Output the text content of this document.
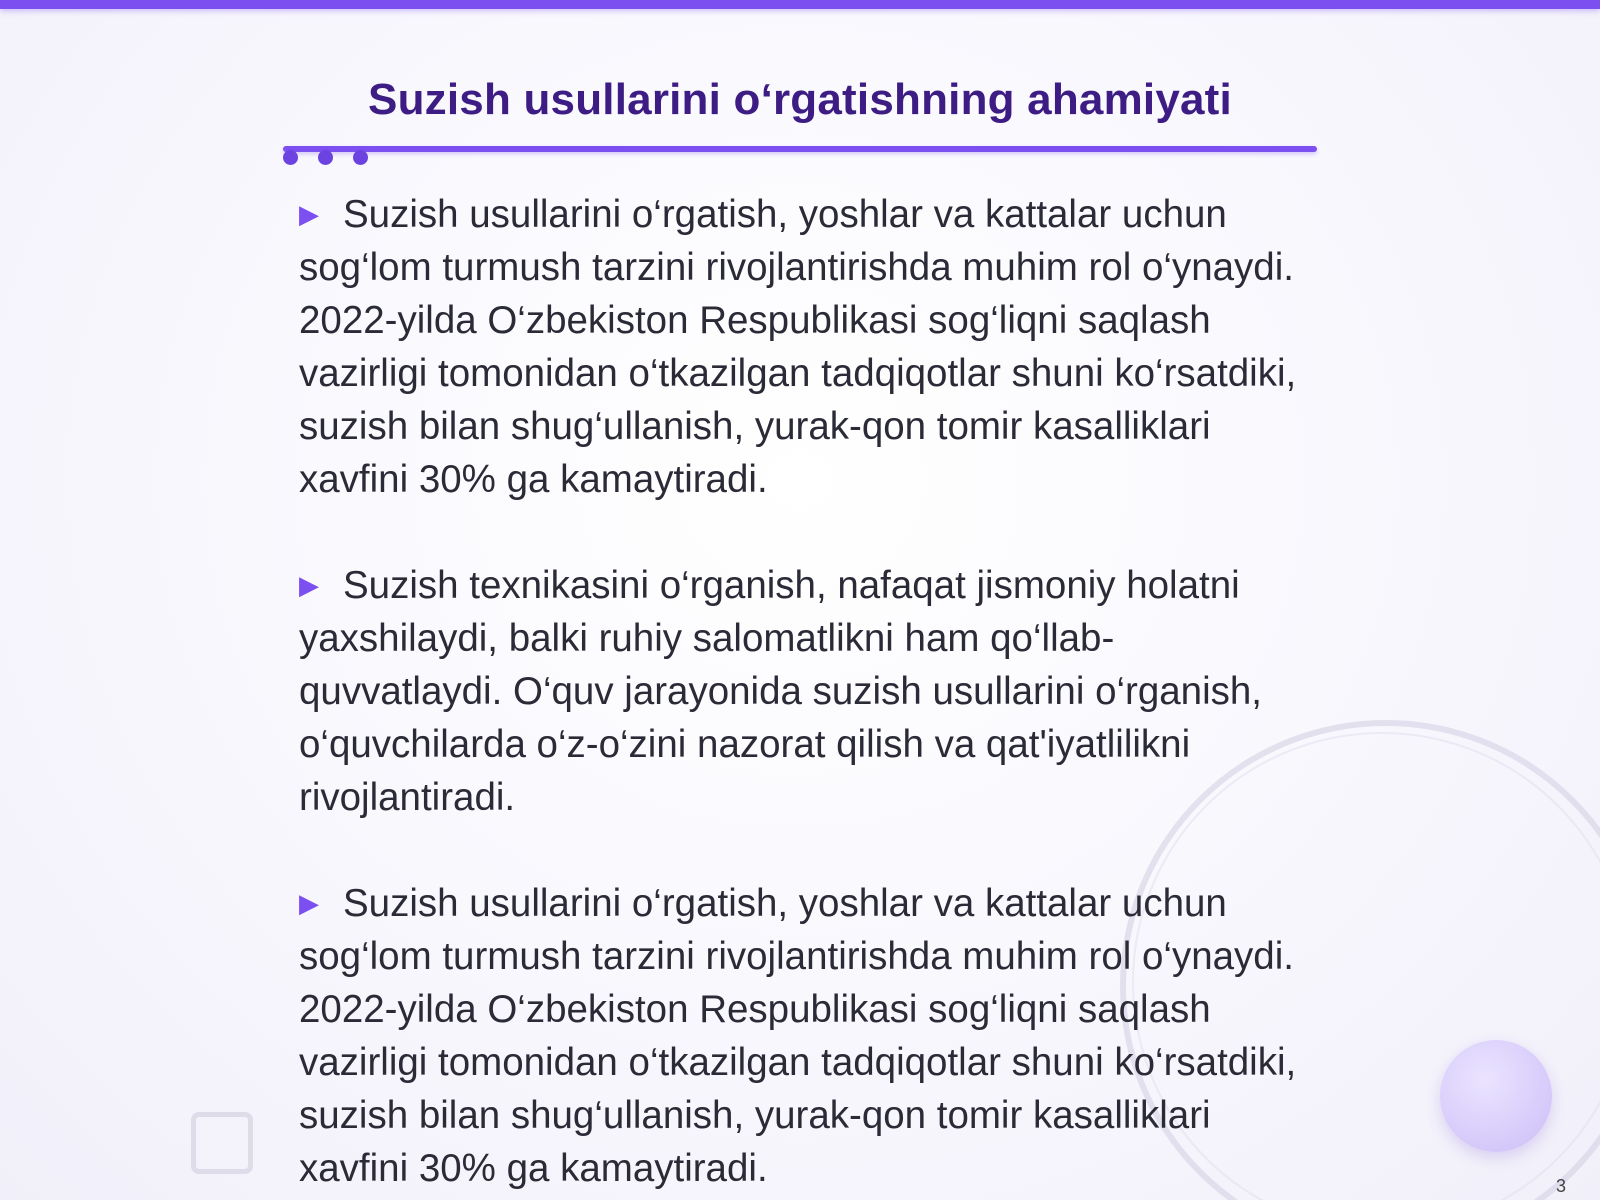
Suzish usullarini o‘rgatishning ahamiyati

▶ Suzish usullarini o‘rgatish, yoshlar va kattalar uchun sog‘lom turmush tarzini rivojlantirishda muhim rol o‘ynaydi. 2022-yilda O‘zbekiston Respublikasi sog‘liqni saqlash vazirligi tomonidan o‘tkazilgan tadqiqotlar shuni ko‘rsatdiki, suzish bilan shug‘ullanish, yurak-qon tomir kasalliklari xavfini 30% ga kamaytiradi.

▶ Suzish texnikasini o‘rganish, nafaqat jismoniy holatni yaxshilaydi, balki ruhiy salomatlikni ham qo‘llab-quvvatlaydi. O‘quv jarayonida suzish usullarini o‘rganish, o‘quvchilarda o‘z-o‘zini nazorat qilish va qat'iyatlilikni rivojlantiradi.

▶ Suzish usullarini o‘rgatish, yoshlar va kattalar uchun sog‘lom turmush tarzini rivojlantirishda muhim rol o‘ynaydi. 2022-yilda O‘zbekiston Respublikasi sog‘liqni saqlash vazirligi tomonidan o‘tkazilgan tadqiqotlar shuni ko‘rsatdiki, suzish bilan shug‘ullanish, yurak-qon tomir kasalliklari xavfini 30% ga kamaytiradi.	3
